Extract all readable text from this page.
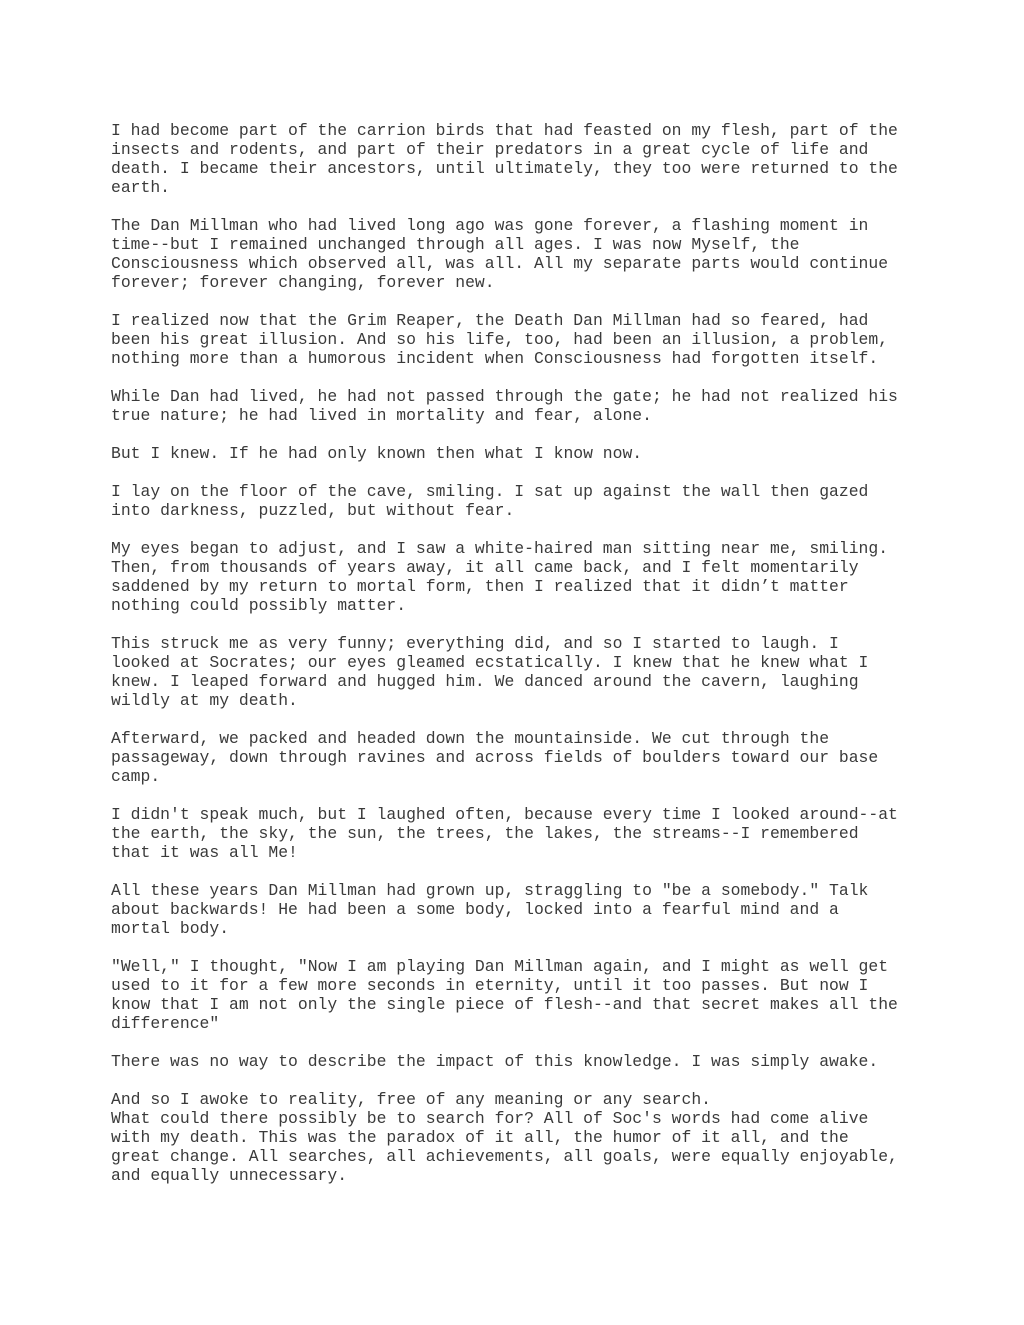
I had become part of the carrion birds that had feasted on my flesh, part of the
insects and rodents, and part of their predators in a great cycle of life and
death. I became their ancestors, until ultimately, they too were returned to the
earth.

The Dan Millman who had lived long ago was gone forever, a flashing moment in
time--but I remained unchanged through all ages. I was now Myself, the
Consciousness which observed all, was all. All my separate parts would continue
forever; forever changing, forever new.

I realized now that the Grim Reaper, the Death Dan Millman had so feared, had
been his great illusion. And so his life, too, had been an illusion, a problem,
nothing more than a humorous incident when Consciousness had forgotten itself.

While Dan had lived, he had not passed through the gate; he had not realized his
true nature; he had lived in mortality and fear, alone.

But I knew. If he had only known then what I know now.

I lay on the floor of the cave, smiling. I sat up against the wall then gazed
into darkness, puzzled, but without fear.

My eyes began to adjust, and I saw a white-haired man sitting near me, smiling.
Then, from thousands of years away, it all came back, and I felt momentarily
saddened by my return to mortal form, then I realized that it didn’t matter
nothing could possibly matter.

This struck me as very funny; everything did, and so I started to laugh. I
looked at Socrates; our eyes gleamed ecstatically. I knew that he knew what I
knew. I leaped forward and hugged him. We danced around the cavern, laughing
wildly at my death.

Afterward, we packed and headed down the mountainside. We cut through the
passageway, down through ravines and across fields of boulders toward our base
camp.

I didn't speak much, but I laughed often, because every time I looked around--at
the earth, the sky, the sun, the trees, the lakes, the streams--I remembered
that it was all Me!

All these years Dan Millman had grown up, straggling to "be a somebody." Talk
about backwards! He had been a some body, locked into a fearful mind and a
mortal body.

"Well," I thought, "Now I am playing Dan Millman again, and I might as well get
used to it for a few more seconds in eternity, until it too passes. But now I
know that I am not only the single piece of flesh--and that secret makes all the
difference"

There was no way to describe the impact of this knowledge. I was simply awake.

And so I awoke to reality, free of any meaning or any search.

What could there possibly be to search for? All of Soc's words had come alive
with my death. This was the paradox of it all, the humor of it all, and the
great change. All searches, all achievements, all goals, were equally enjoyable,
and equally unnecessary.
